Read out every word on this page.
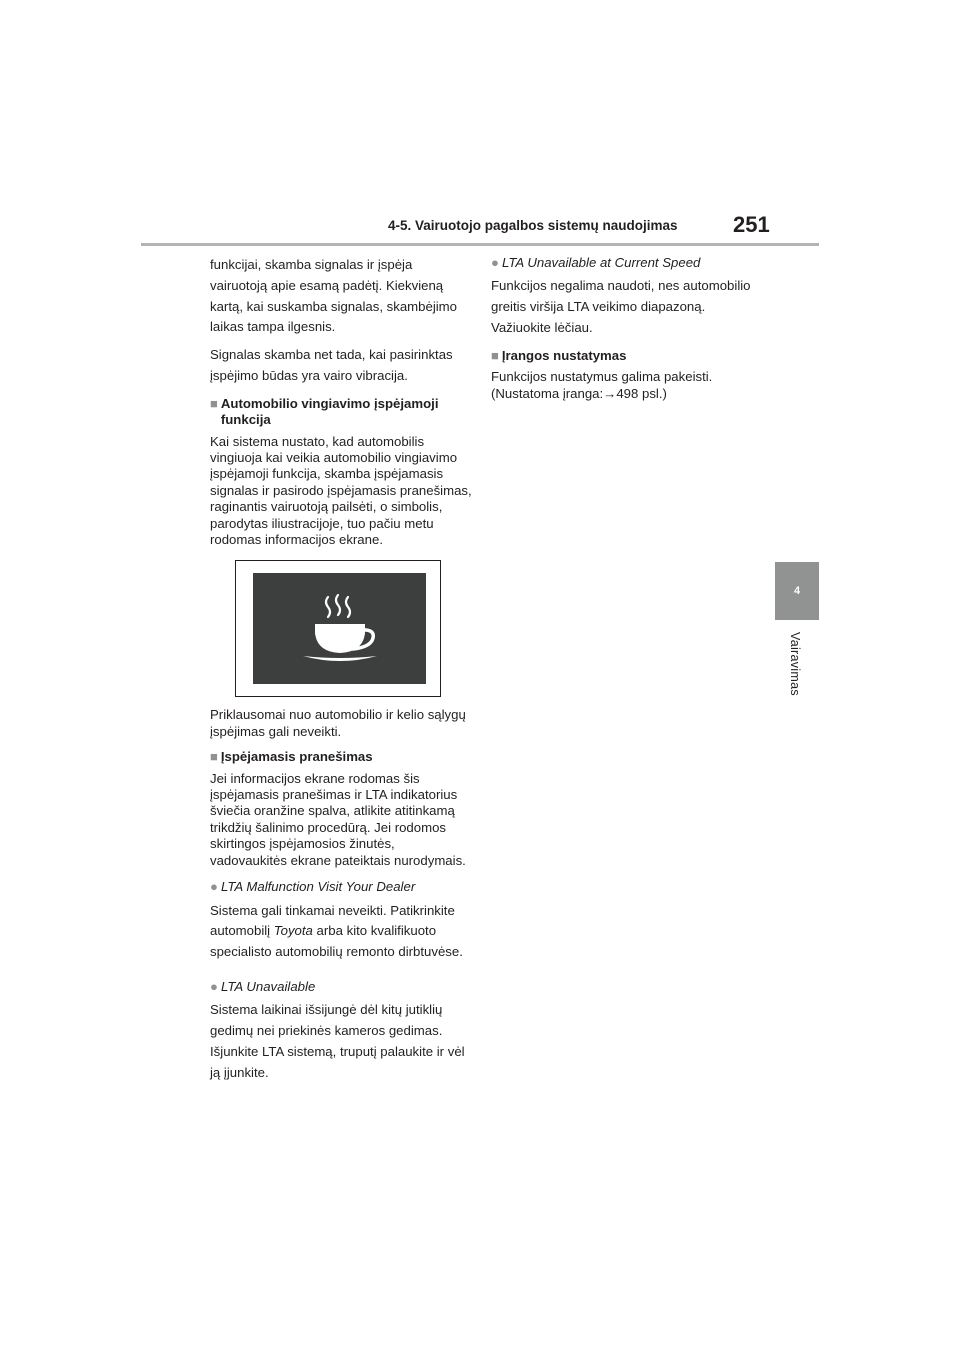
4-5. Vairuotojo pagalbos sistemų naudojimas	251
4
Vairavimas

funkcijai, skamba signalas ir įspėja vairuotoją apie esamą padėtį. Kiekvieną kartą, kai suskamba signalas, skambėjimo laikas tampa ilgesnis.

Signalas skamba net tada, kai pasirinktas įspėjimo būdas yra vairo vibracija.

■ Automobilio vingiavimo įspėjamoji funkcija

Kai sistema nustato, kad automobilis vingiuoja kai veikia automobilio vingiavimo įspėjamoji funkcija, skamba įspėjamasis signalas ir pasirodo įspėjamasis pranešimas, raginantis vairuotoją pailsėti, o simbolis, parodytas iliustracijoje, tuo pačiu metu rodomas informacijos ekrane.

Priklausomai nuo automobilio ir kelio sąlygų įspėjimas gali neveikti.

■ Įspėjamasis pranešimas

Jei informacijos ekrane rodomas šis įspėjamasis pranešimas ir LTA indikatorius šviečia oranžine spalva, atlikite atitinkamą trikdžių šalinimo procedūrą. Jei rodomos skirtingos įspėjamosios žinutės, vadovaukitės ekrane pateiktais nurodymais.

● LTA Malfunction Visit Your Dealer

Sistema gali tinkamai neveikti. Patikrinkite automobilį Toyota arba kito kvalifikuoto specialisto automobilių remonto dirbtuvėse.

● LTA Unavailable

Sistema laikinai išsijungė dėl kitų jutiklių gedimų nei priekinės kameros gedimas. Išjunkite LTA sistemą, truputį palaukite ir vėl ją įjunkite.

● LTA Unavailable at Current Speed

Funkcijos negalima naudoti, nes automobilio greitis viršija LTA veikimo diapazoną. Važiuokite lėčiau.

■ Įrangos nustatymas

Funkcijos nustatymus galima pakeisti. (Nustatoma įranga:→498 psl.)
